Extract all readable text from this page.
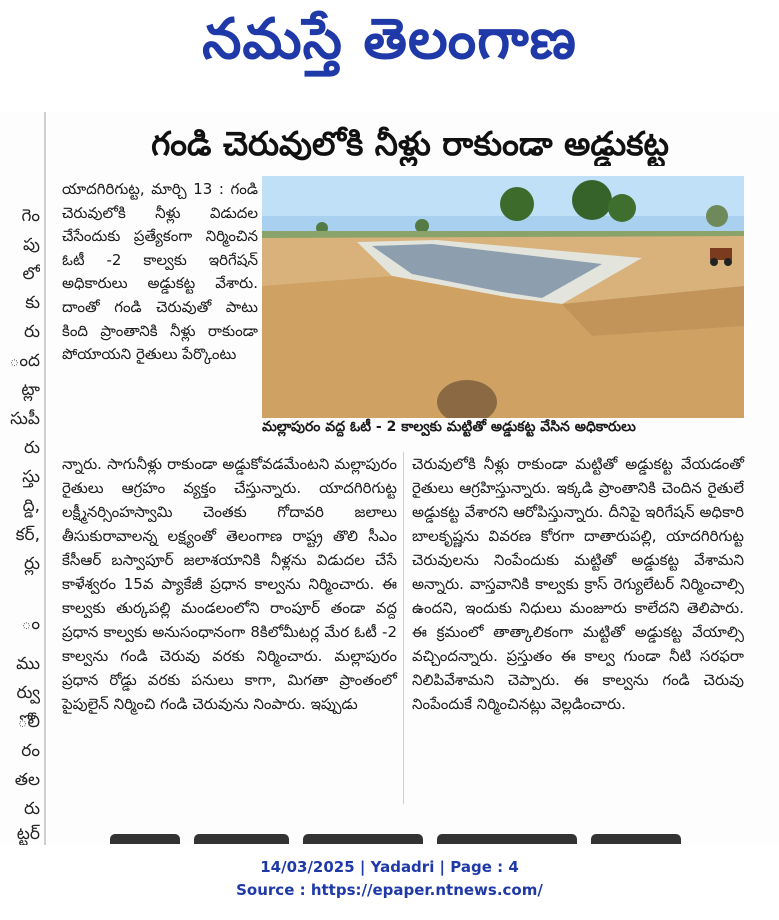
నమస్తే తెలంగాణ
గెం
పు
లో
కు
రు
ంద
ట్లా
సుపీ
రు
స్తు
ద్డి,
కర్,
ర్లు
ం
ము
ర్వు
ోలీ
రం
తల
రు
ట్టర్
గండి చెరువులోకి నీళ్లు రాకుండా అడ్డుకట్ట

యాదగిరిగుట్ట, మార్చి 13 : గండి చెరువులోకి నీళ్లు విడుదల చేసేందుకు ప్రత్యేకంగా నిర్మించిన ఓటీ -2 కాల్వకు ఇరిగేషన్ అధికారులు అడ్డుకట్ట వేశారు. దాంతో గండి చెరువుతో పాటు కింది ప్రాంతానికి నీళ్లు రాకుండా పోయాయని రైతులు పేర్కొంటు

మల్లాపురం వద్ద ఓటీ - 2 కాల్వకు మట్టితో అడ్డుకట్ట వేసిన అధికారులు

న్నారు. సాగునీళ్లు రాకుండా అడ్డుకోవడమేంటని మల్లాపురం రైతులు ఆగ్రహం వ్యక్తం చేస్తున్నారు. యాదగిరిగుట్ట లక్ష్మీనర్సింహస్వామి చెంతకు గోదావరి జలాలు తీసుకురావాలన్న లక్ష్యంతో తెలంగాణ రాష్ట్ర తొలి సీఎం కేసీఆర్ బస్వాపూర్ జలాశయానికి నీళ్లను విడుదల చేసే కాళేశ్వరం 15వ ప్యాకేజీ ప్రధాన కాల్వను నిర్మించారు. ఈ కాల్వకు తుర్కపల్లి మండలంలోని రాంపూర్ తండా వద్ద ప్రధాన కాల్వకు అనుసంధానంగా 8కిలోమీటర్ల మేర ఓటీ -2 కాల్వను గండి చెరువు వరకు నిర్మించారు. మల్లాపురం ప్రధాన రోడ్డు వరకు పనులు కాగా, మిగతా ప్రాంతంలో పైపులైన్ నిర్మించి గండి చెరువును నింపారు. ఇప్పుడు

చెరువులోకి నీళ్లు రాకుండా మట్టితో అడ్డుకట్ట వేయడంతో రైతులు ఆగ్రహిస్తున్నారు. ఇక్కడి ప్రాంతానికి చెందిన రైతులే అడ్డుకట్ట వేశారని ఆరోపిస్తున్నారు. దీనిపై ఇరిగేషన్ అధికారి బాలకృష్ణను వివరణ కోరగా దాతారుపల్లి, యాదగిరిగుట్ట చెరువులను నింపేందుకు మట్టితో అడ్డుకట్ట వేశామని అన్నారు. వాస్తవానికి కాల్వకు క్రాస్ రెగ్యులేటర్ నిర్మించాల్సి ఉందని, ఇందుకు నిధులు మంజూరు కాలేదని తెలిపారు. ఈ క్రమంలో తాత్కాలికంగా మట్టితో అడ్డుకట్ట వేయాల్సి వచ్చిందన్నారు. ప్రస్తుతం ఈ కాల్వ గుండా నీటి సరఫరా నిలిపివేశామని చెప్పారు. ఈ కాల్వను గండి చెరువు నింపేందుకే నిర్మించినట్లు వెల్లడించారు.

14/03/2025 | Yadadri | Page : 4
Source : https://epaper.ntnews.com/
